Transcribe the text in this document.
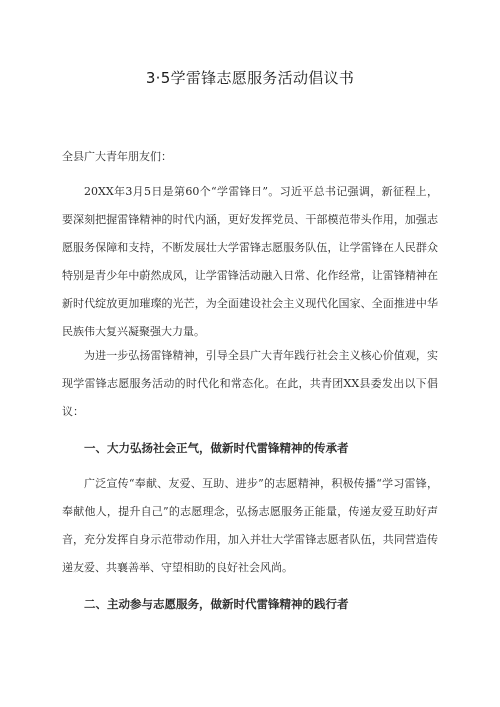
3·5学雷锋志愿服务活动倡议书
全县广大青年朋友们：
20XX年3月5日是第60个“学雷锋日”。习近平总书记强调，新征程上，要深刻把握雷锋精神的时代内涵，更好发挥党员、干部模范带头作用，加强志愿服务保障和支持，不断发展壮大学雷锋志愿服务队伍，让学雷锋在人民群众特别是青少年中蔚然成风，让学雷锋活动融入日常、化作经常，让雷锋精神在新时代绽放更加璀璨的光芒，为全面建设社会主义现代化国家、全面推进中华民族伟大复兴凝聚强大力量。
为进一步弘扬雷锋精神，引导全县广大青年践行社会主义核心价值观，实现学雷锋志愿服务活动的时代化和常态化。在此，共青团XX县委发出以下倡议：
一、大力弘扬社会正气，做新时代雷锋精神的传承者
广泛宣传“奉献、友爱、互助、进步”的志愿精神，积极传播“学习雷锋，奉献他人，提升自己”的志愿理念，弘扬志愿服务正能量，传递友爱互助好声音，充分发挥自身示范带动作用，加入并壮大学雷锋志愿者队伍，共同营造传递友爱、共襄善举、守望相助的良好社会风尚。
二、主动参与志愿服务，做新时代雷锋精神的践行者
